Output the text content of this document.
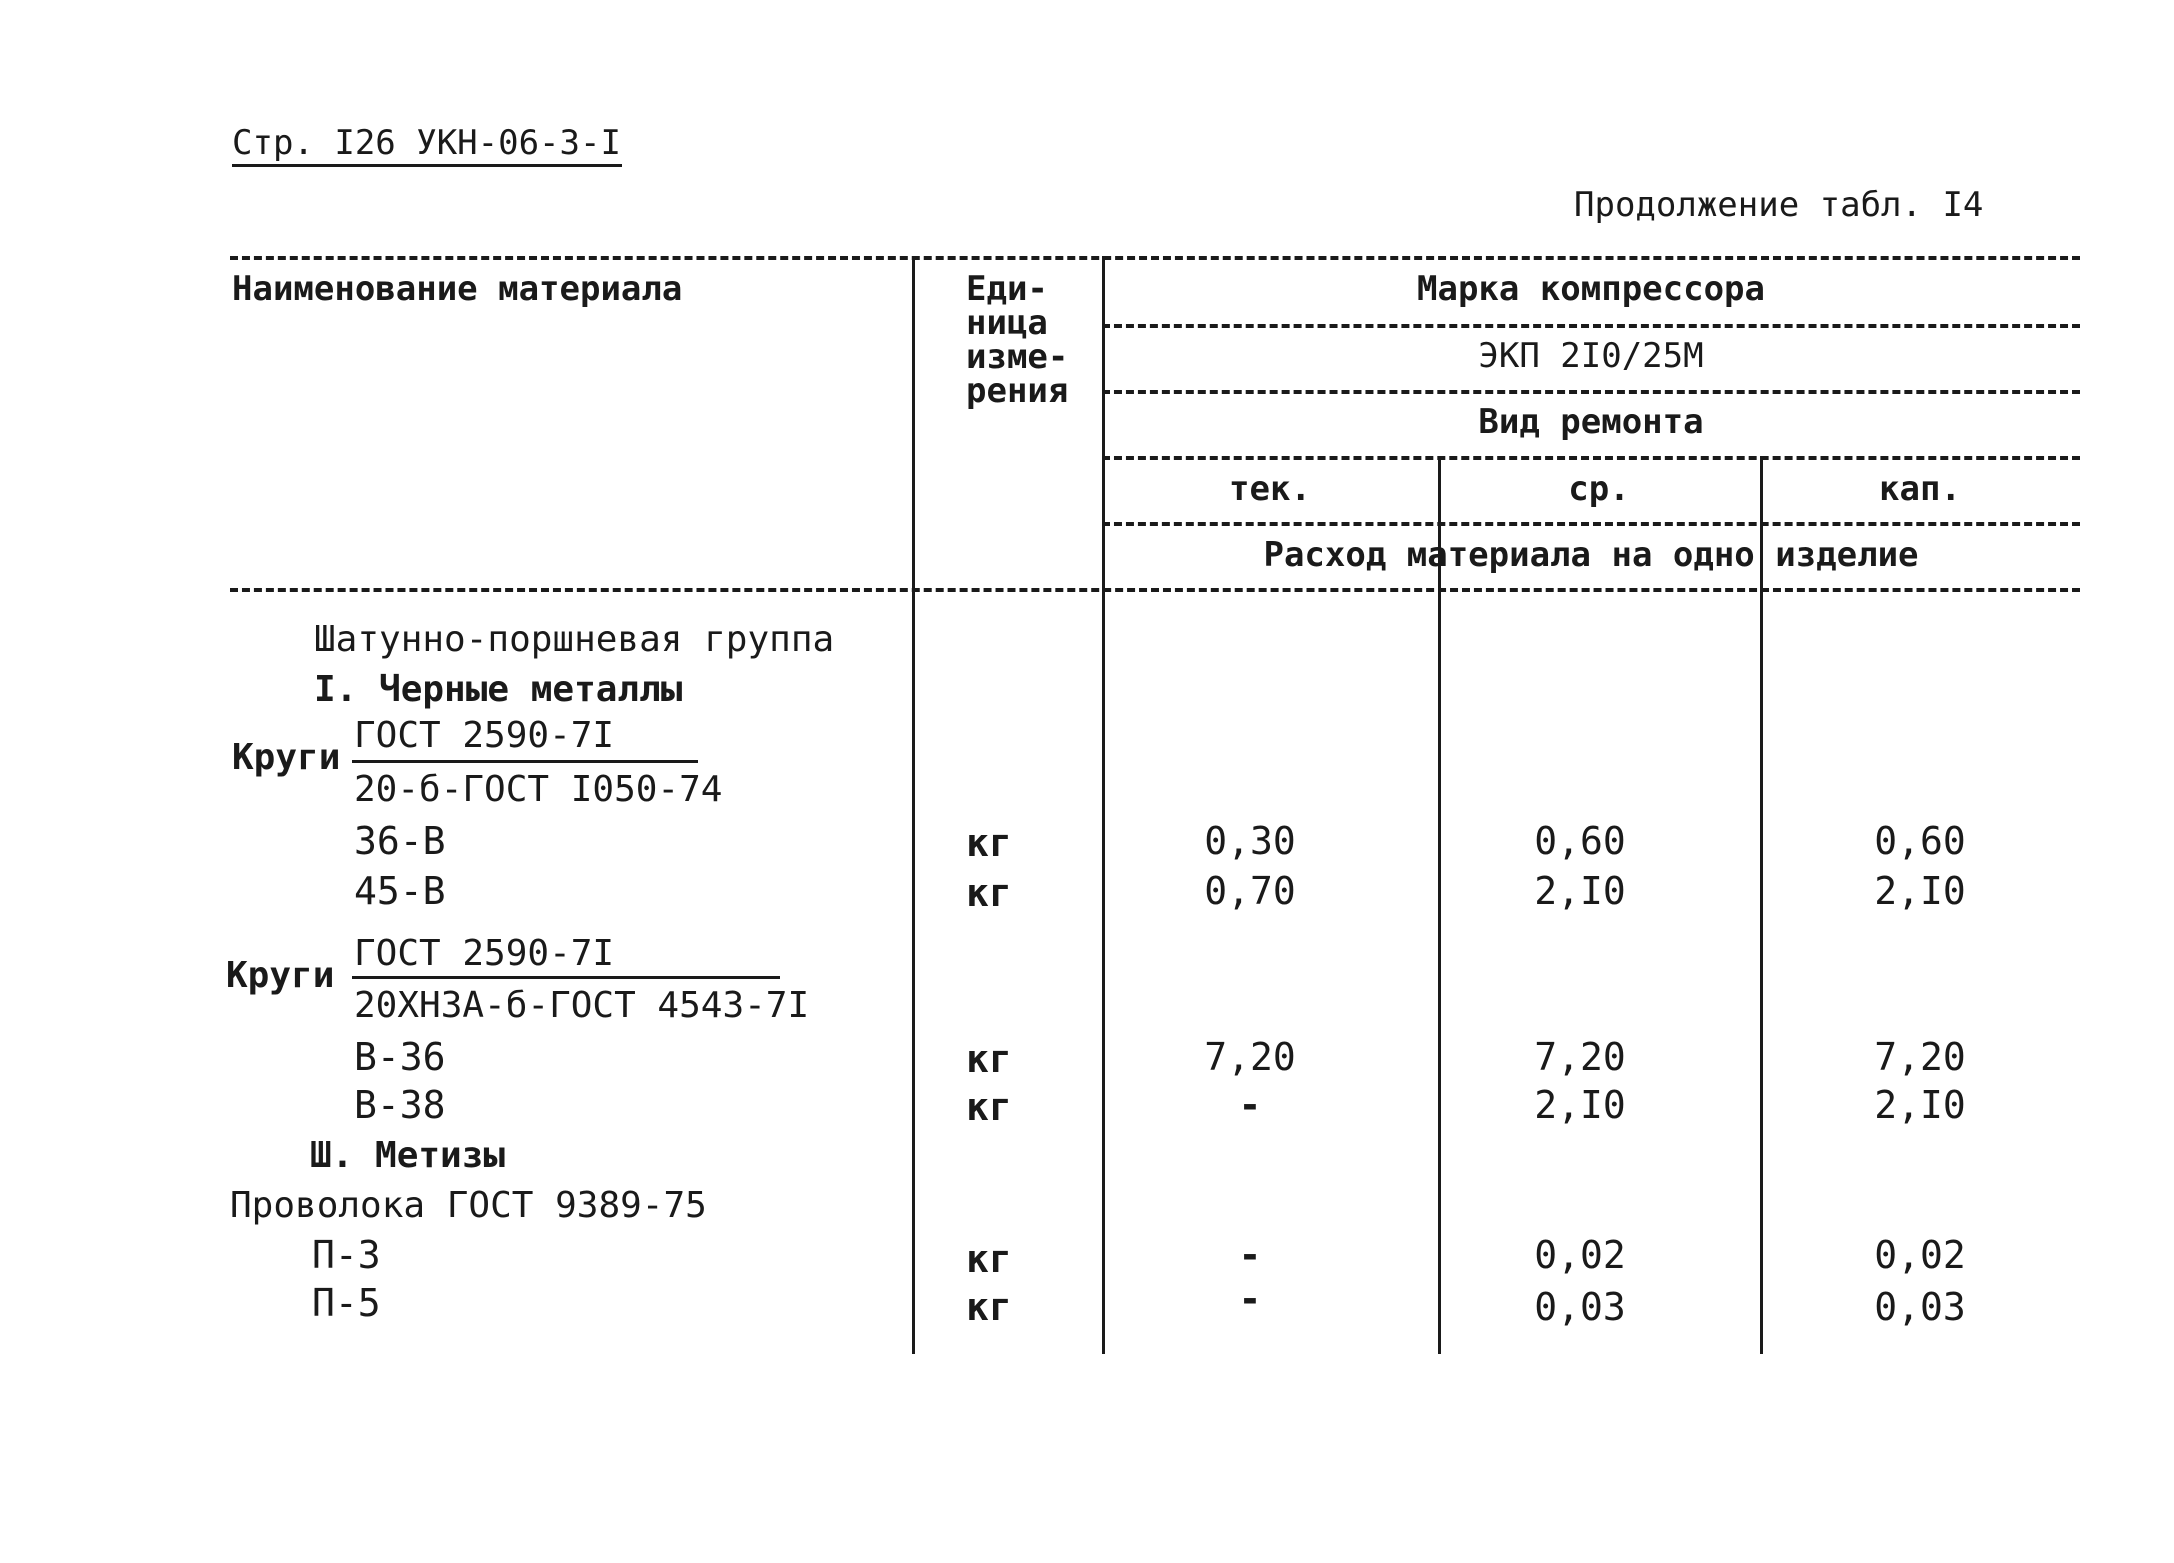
Стр. I26 УКН-06-3-I
Продолжение табл. I4
Наименование материала	Еди-
ница
изме-
рения
Марка компрессора
ЭКП 2I0/25М
Вид ремонта
тек.	ср.	кап.
Расход материала на одно изделие
Шатунно-поршневая группа
I. Черные металлы
Круги
ГОСТ 2590-7I
20-б-ГОСТ I050-74
36-В	кг	0,30	0,60	0,60
45-В	кг	0,70	2,I0	2,I0
Круги
ГОСТ 2590-7I
20ХН3А-б-ГОСТ 4543-7I
В-36	кг	7,20	7,20	7,20
В-38	кг	-	2,I0	2,I0
Ш. Метизы
Проволока ГОСТ 9389-75
П-3	кг	-	0,02	0,02
П-5	кг	-	0,03	0,03
